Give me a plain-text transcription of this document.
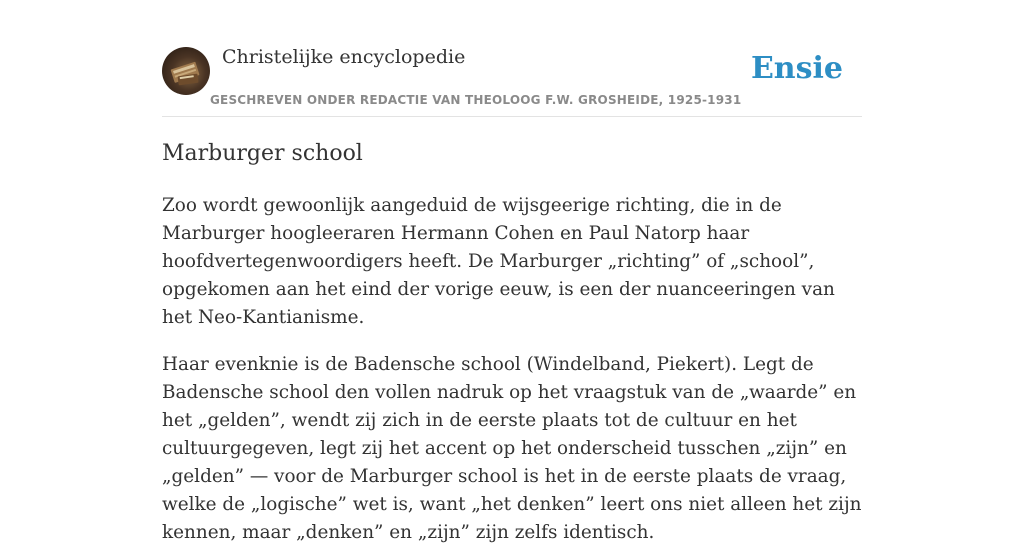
Christelijke encyclopedie
GESCHREVEN ONDER REDACTIE VAN THEOLOOG F.W. GROSHEIDE, 1925-1931
Ensie
Marburger school

Zoo wordt gewoonlijk aangeduid de wijsgeerige richting, die in de Marburger hoogleeraren Hermann Cohen en Paul Natorp haar hoofdvertegenwoordigers heeft. De Marburger „richting” of „school”, opgekomen aan het eind der vorige eeuw, is een der nuanceeringen van het Neo-Kantianisme.

Haar evenknie is de Badensche school (Windelband, Piekert). Legt de Badensche school den vollen nadruk op het vraagstuk van de „waarde” en het „gelden”, wendt zij zich in de eerste plaats tot de cultuur en het cultuurgegeven, legt zij het accent op het onderscheid tusschen „zijn” en „gelden” — voor de Marburger school is het in de eerste plaats de vraag, welke de „logische” wet is, want „het denken” leert ons niet alleen het zijn kennen, maar „denken” en „zijn” zijn zelfs identisch.
